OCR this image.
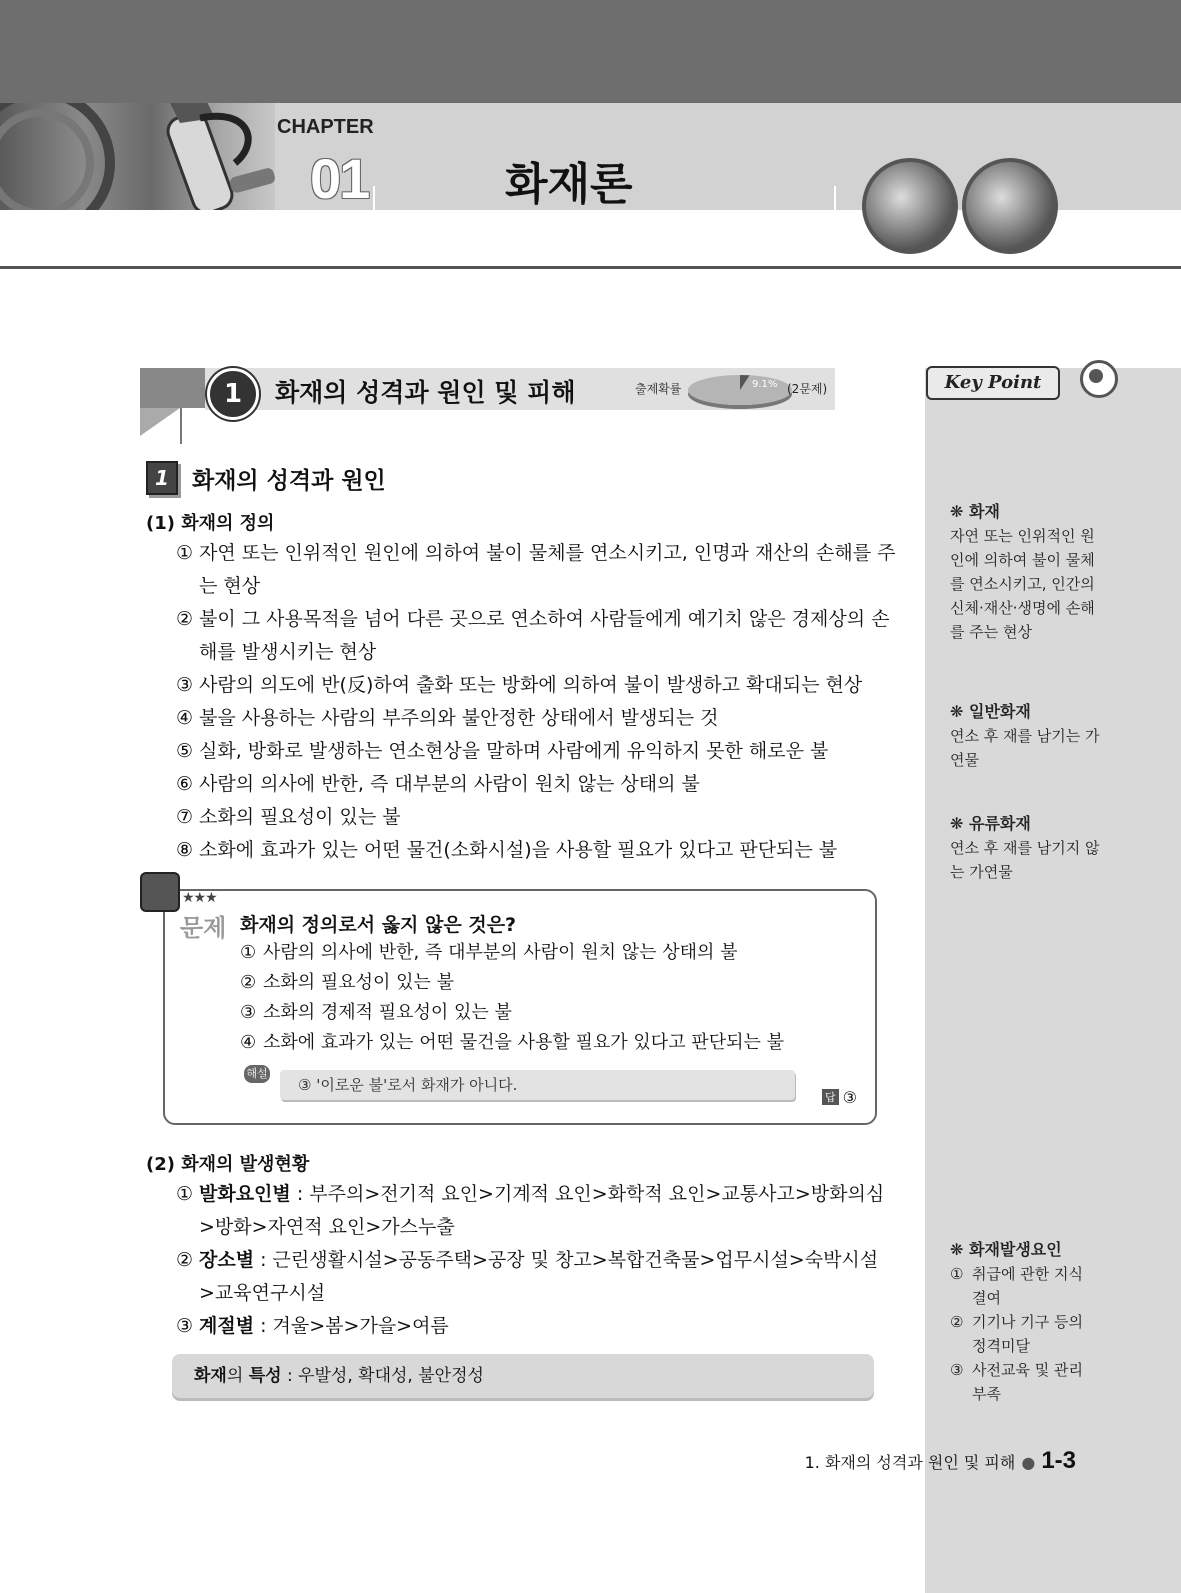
CHAPTER
01	화재론
Key Point
❋ 화재
자연 또는 인위적인 원인에 의하여 불이 물체를 연소시키고, 인간의 신체·재산·생명에 손해를 주는 현상
❋ 일반화재
연소 후 재를 남기는 가연물
❋ 유류화재
연소 후 재를 남기지 않는 가연물
❋ 화재발생요인
① 취급에 관한 지식 결여
② 기기나 기구 등의 정격미달
③ 사전교육 및 관리 부족
1	화재의 성격과 원인 및 피해	출제확률	9.1% (2문제)
1	화재의 성격과 원인
(1) 화재의 정의
① 자연 또는 인위적인 원인에 의하여 불이 물체를 연소시키고, 인명과 재산의 손해를 주는 현상
② 불이 그 사용목적을 넘어 다른 곳으로 연소하여 사람들에게 예기치 않은 경제상의 손해를 발생시키는 현상
③ 사람의 의도에 반(反)하여 출화 또는 방화에 의하여 불이 발생하고 확대되는 현상
④ 불을 사용하는 사람의 부주의와 불안정한 상태에서 발생되는 것
⑤ 실화, 방화로 발생하는 연소현상을 말하며 사람에게 유익하지 못한 해로운 불
⑥ 사람의 의사에 반한, 즉 대부분의 사람이 원치 않는 상태의 불
⑦ 소화의 필요성이 있는 불
⑧ 소화에 효과가 있는 어떤 물건(소화시설)을 사용할 필요가 있다고 판단되는 불
★★★
문제 화재의 정의로서 옳지 않은 것은?
① 사람의 의사에 반한, 즉 대부분의 사람이 원치 않는 상태의 불
② 소화의 필요성이 있는 불
③ 소화의 경제적 필요성이 있는 불
④ 소화에 효과가 있는 어떤 물건을 사용할 필요가 있다고 판단되는 불
해설
③ '이로운 불'로서 화재가 아니다.
답 ③
(2) 화재의 발생현황
① 발화요인별 : 부주의>전기적 요인>기계적 요인>화학적 요인>교통사고>방화의심>방화>자연적 요인>가스누출
② 장소별 : 근린생활시설>공동주택>공장 및 창고>복합건축물>업무시설>숙박시설>교육연구시설
③ 계절별 : 겨울>봄>가을>여름
화재의 특성 : 우발성, 확대성, 불안정성
1. 화재의 성격과 원인 및 피해 ● 1-3
